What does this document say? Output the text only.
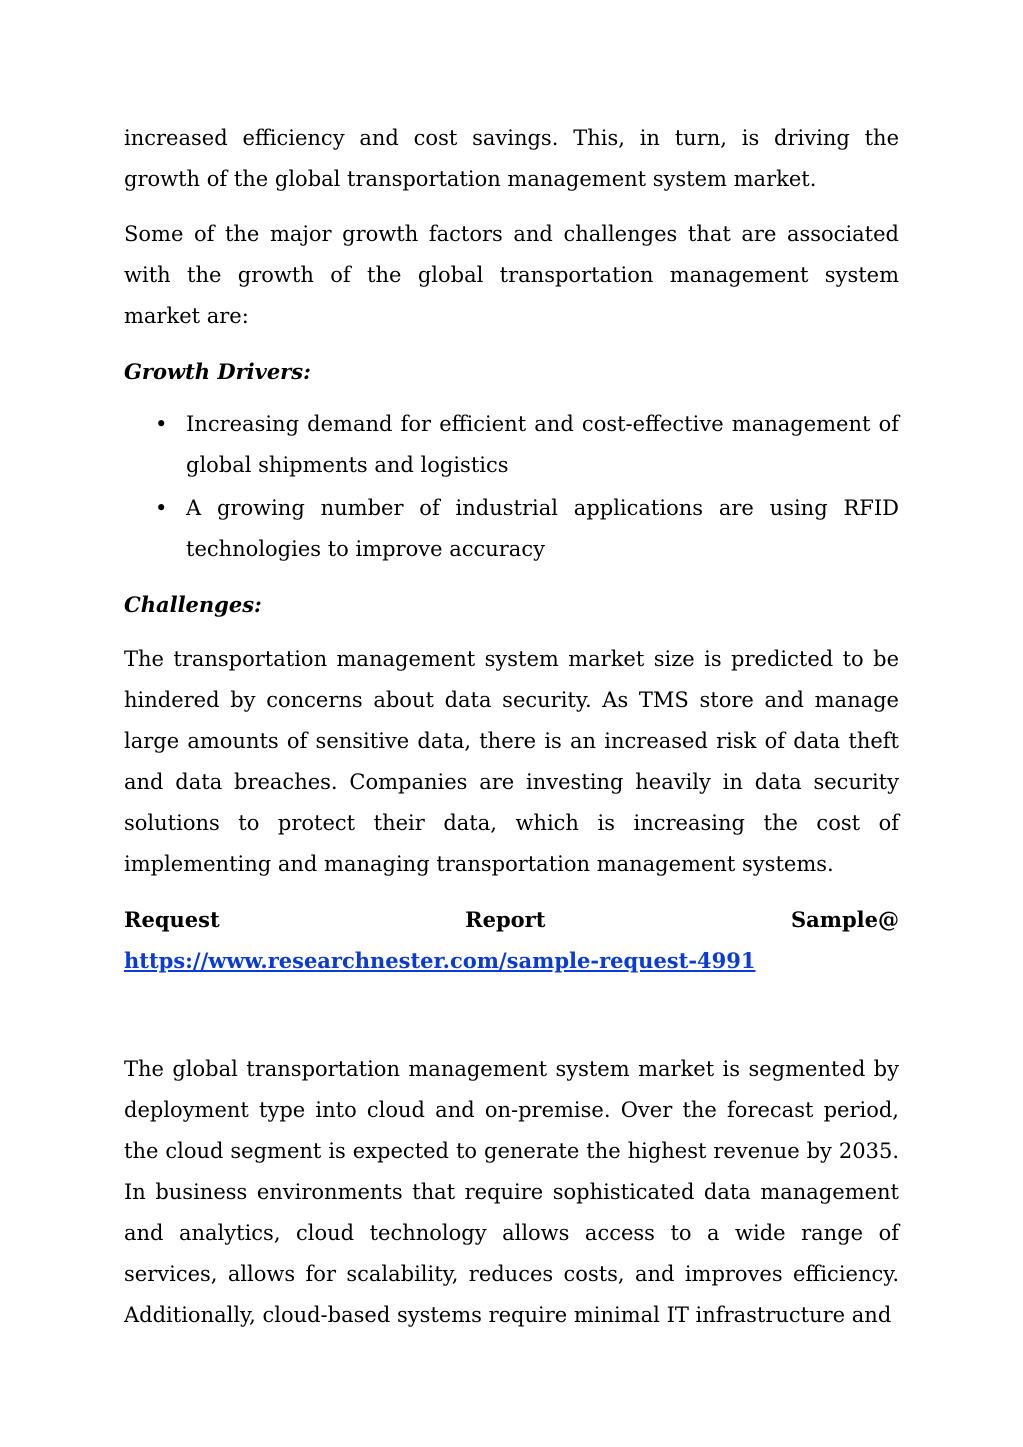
increased efficiency and cost savings. This, in turn, is driving the growth of the global transportation management system market.

Some of the major growth factors and challenges that are associated with the growth of the global transportation management system market are:

Growth Drivers:

• Increasing demand for efficient and cost-effective management of global shipments and logistics
• A growing number of industrial applications are using RFID technologies to improve accuracy

Challenges:

The transportation management system market size is predicted to be hindered by concerns about data security. As TMS store and manage large amounts of sensitive data, there is an increased risk of data theft and data breaches. Companies are investing heavily in data security solutions to protect their data, which is increasing the cost of implementing and managing transportation management systems.

Request	Report	Sample@
https://www.researchnester.com/sample-request-4991

The global transportation management system market is segmented by deployment type into cloud and on-premise. Over the forecast period, the cloud segment is expected to generate the highest revenue by 2035. In business environments that require sophisticated data management and analytics, cloud technology allows access to a wide range of services, allows for scalability, reduces costs, and improves efficiency. Additionally, cloud-based systems require minimal IT infrastructure and
